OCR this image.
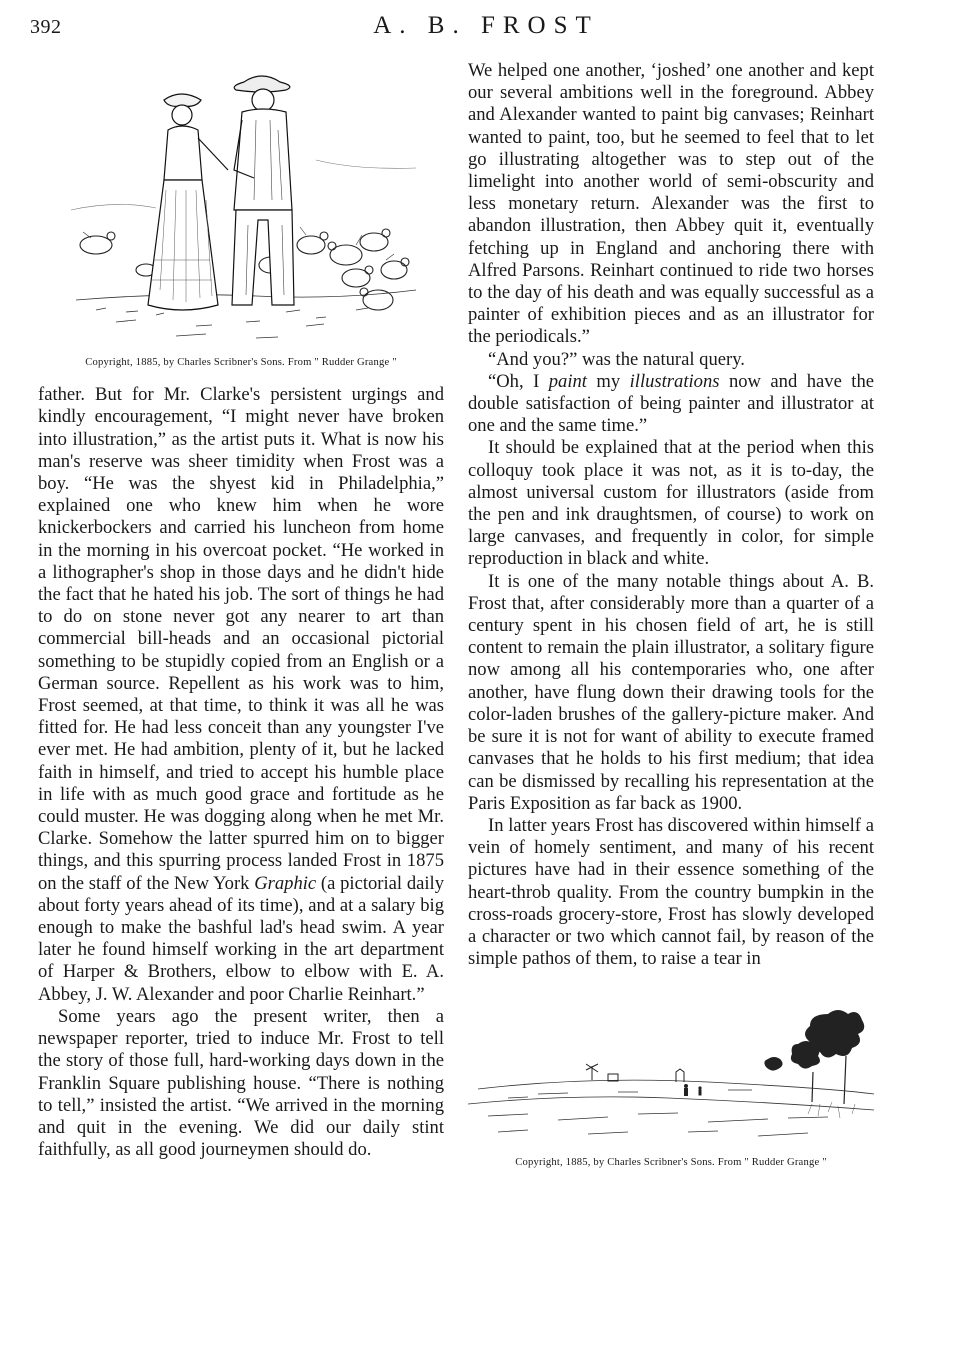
392	A. B. FROST
Copyright, 1885, by Charles Scribner's Sons. From " Rudder Grange "

father. But for Mr. Clarke's persistent urgings and kindly encouragement, “I might never have broken into illustration,” as the artist puts it. What is now his man's reserve was sheer timidity when Frost was a boy. “He was the shyest kid in Philadelphia,” explained one who knew him when he wore knickerbockers and carried his luncheon from home in the morning in his overcoat pocket. “He worked in a lithographer's shop in those days and he didn't hide the fact that he hated his job. The sort of things he had to do on stone never got any nearer to art than commercial bill-heads and an occasional pictorial something to be stupidly copied from an English or a German source. Repellent as his work was to him, Frost seemed, at that time, to think it was all he was fitted for. He had less conceit than any youngster I've ever met. He had ambition, plenty of it, but he lacked faith in himself, and tried to accept his humble place in life with as much good grace and fortitude as he could muster. He was dogging along when he met Mr. Clarke. Somehow the latter spurred him on to bigger things, and this spurring process landed Frost in 1875 on the staff of the New York Graphic (a pictorial daily about forty years ahead of its time), and at a salary big enough to make the bashful lad's head swim. A year later he found himself working in the art department of Harper & Brothers, elbow to elbow with E. A. Abbey, J. W. Alexander and poor Charlie Reinhart.”

Some years ago the present writer, then a newspaper reporter, tried to induce Mr. Frost to tell the story of those full, hard-working days down in the Franklin Square publishing house. “There is nothing to tell,” insisted the artist. “We arrived in the morning and quit in the evening. We did our daily stint faithfully, as all good journeymen should do.

We helped one another, ‘joshed’ one another and kept our several ambitions well in the foreground. Abbey and Alexander wanted to paint big canvases; Reinhart wanted to paint, too, but he seemed to feel that to let go illustrating altogether was to step out of the limelight into another world of semi-obscurity and less monetary return. Alexander was the first to abandon illustration, then Abbey quit it, eventually fetching up in England and anchoring there with Alfred Parsons. Reinhart continued to ride two horses to the day of his death and was equally successful as a painter of exhibition pieces and as an illustrator for the periodicals.”

“And you?” was the natural query.

“Oh, I paint my illustrations now and have the double satisfaction of being painter and illustrator at one and the same time.”

It should be explained that at the period when this colloquy took place it was not, as it is to-day, the almost universal custom for illustrators (aside from the pen and ink draughtsmen, of course) to work on large canvases, and frequently in color, for simple reproduction in black and white.

It is one of the many notable things about A. B. Frost that, after considerably more than a quarter of a century spent in his chosen field of art, he is still content to remain the plain illustrator, a solitary figure now among all his contemporaries who, one after another, have flung down their drawing tools for the color-laden brushes of the gallery-picture maker. And be sure it is not for want of ability to execute framed canvases that he holds to his first medium; that idea can be dismissed by recalling his representation at the Paris Exposition as far back as 1900.

In latter years Frost has discovered within himself a vein of homely sentiment, and many of his recent pictures have had in their essence something of the heart-throb quality. From the country bumpkin in the cross-roads grocery-store, Frost has slowly developed a character or two which cannot fail, by reason of the simple pathos of them, to raise a tear in

Copyright, 1885, by Charles Scribner's Sons. From " Rudder Grange "
